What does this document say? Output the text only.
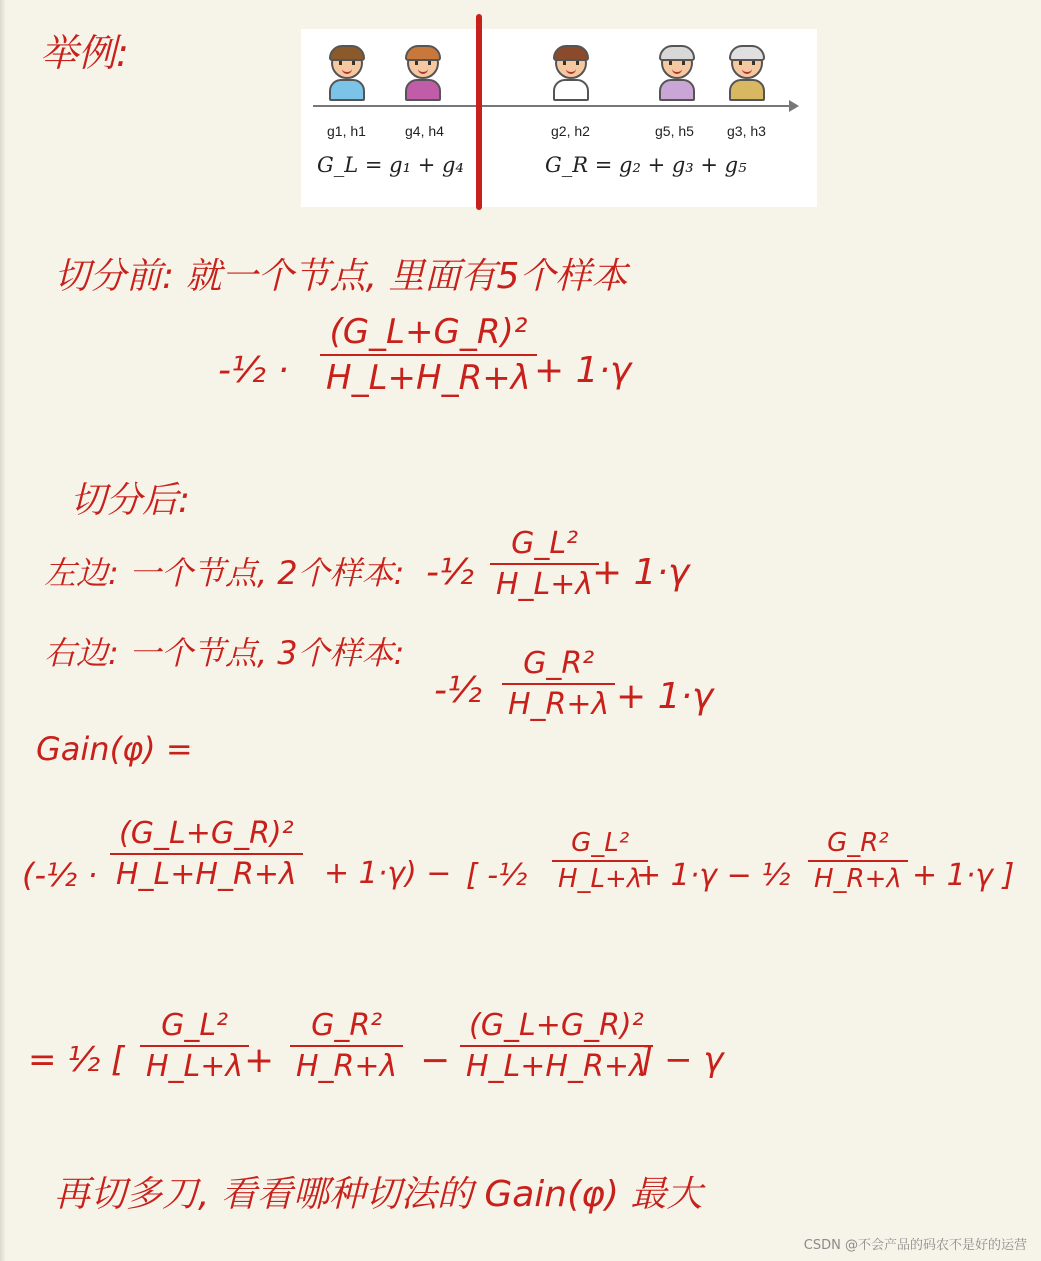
举例:
g1, h1	g4, h4	g2, h2	g5, h5 g3, h3
G_L = g₁ + g₄	G_R = g₂ + g₃ + g₅
切分前: 就一个节点, 里面有5个样本
-½ ·
(G_L+G_R)²
H_L+H_R+λ + 1·γ
切分后:
左边: 一个节点, 2个样本: -½
G_L²
H_L+λ
+ 1·γ
右边: 一个节点, 3个样本:
-½
G_R²
H_R+λ + 1·γ
Gain(φ) =
(-½ ·
(G_L+G_R)²
H_L+H_R+λ + 1·γ) − [ -½
G_L²
H_L+λ
+ 1·γ − ½
G_R²
H_R+λ + 1·γ ]
= ½ [
G_L²
H_L+λ +
G_R²
H_R+λ −
(G_L+G_R)²
H_L+H_R+λ
] − γ
再切多刀, 看看哪种切法的 Gain(φ) 最大
CSDN @不会产品的码农不是好的运营
